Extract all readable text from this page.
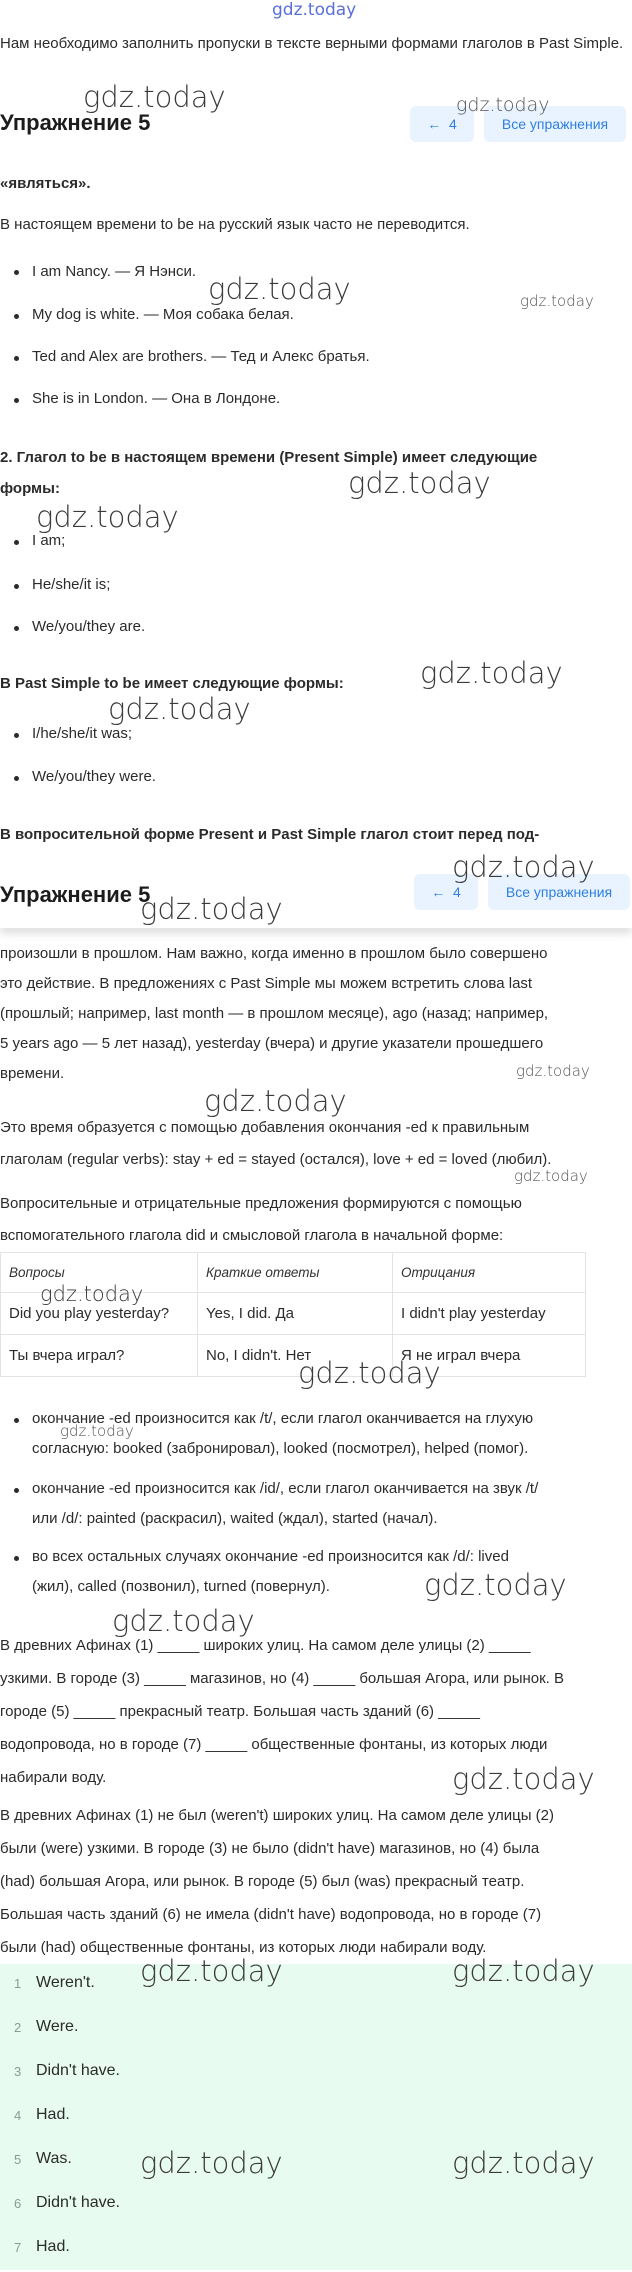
gdz.today
Нам необходимо заполнить пропуски в тексте верными формами глаголов в Past Simple.
Упражнение 5	←  4	Все упражнения
«являться».
В настоящем времени to be на русский язык часто не переводится.
I am Nancy. — Я Нэнси.
My dog is white. — Моя собака белая.
Ted and Alex are brothers. — Тед и Алекс братья.
She is in London. — Она в Лондоне.
2. Глагол to be в настоящем времени (Present Simple) имеет следующие формы:
I am;
He/she/it is;
We/you/they are.
В Past Simple to be имеет следующие формы:
I/he/she/it was;
We/you/they were.
В вопросительной форме Present и Past Simple глагол стоит перед под-
Упражнение 5	←  4	Все упражнения
произошли в прошлом. Нам важно, когда именно в прошлом было совершено
это действие. В предложениях с Past Simple мы можем встретить слова last
(прошлый; например, last month — в прошлом месяце), ago (назад; например,
5 years ago — 5 лет назад), yesterday (вчера) и другие указатели прошедшего
времени.
Это время образуется с помощью добавления окончания -ed к правильным
глаголам (regular verbs): stay + ed = stayed (остался), love + ed = loved (любил).
Вопросительные и отрицательные предложения формируются с помощью
вспомогательного глагола did и смысловой глагола в начальной форме:
Вопросы	Краткие ответы	Отрицания
Did you play yesterday?	Yes, I did. Да	I didn't play yesterday
Ты вчера играл?	No, I didn't. Нет	Я не играл вчера
окончание -ed произносится как /t/, если глагол оканчивается на глухую
согласную: booked (забронировал), looked (посмотрел), helped (помог).
окончание -ed произносится как /id/, если глагол оканчивается на звук /t/
или /d/: painted (раскрасил), waited (ждал), started (начал).
во всех остальных случаях окончание -ed произносится как /d/: lived
(жил), called (позвонил), turned (повернул).
В древних Афинах (1) _____ широких улиц. На самом деле улицы (2) _____
узкими. В городе (3) _____ магазинов, но (4) _____ большая Агора, или рынок. В
городе (5) _____ прекрасный театр. Большая часть зданий (6) _____
водопровода, но в городе (7) _____ общественные фонтаны, из которых люди
набирали воду.
В древних Афинах (1) не был (weren't) широких улиц. На самом деле улицы (2)
были (were) узкими. В городе (3) не было (didn't have) магазинов, но (4) была
(had) большая Агора, или рынок. В городе (5) был (was) прекрасный театр.
Большая часть зданий (6) не имела (didn't have) водопровода, но в городе (7)
были (had) общественные фонтаны, из которых люди набирали воду.
1 Weren't.
2 Were.
3 Didn't have.
4 Had.
5 Was.
6 Didn't have.
7 Had.
gdz.today	gdz.today
gdz.today	gdz.today
gdz.today
gdz.today
gdz.today
gdz.today
gdz.today
gdz.today
gdz.today
gdz.today
gdz.today
gdz.today
gdz.today
gdz.today
gdz.today
gdz.today
gdz.today
gdz.today	gdz.today
gdz.today	gdz.today
